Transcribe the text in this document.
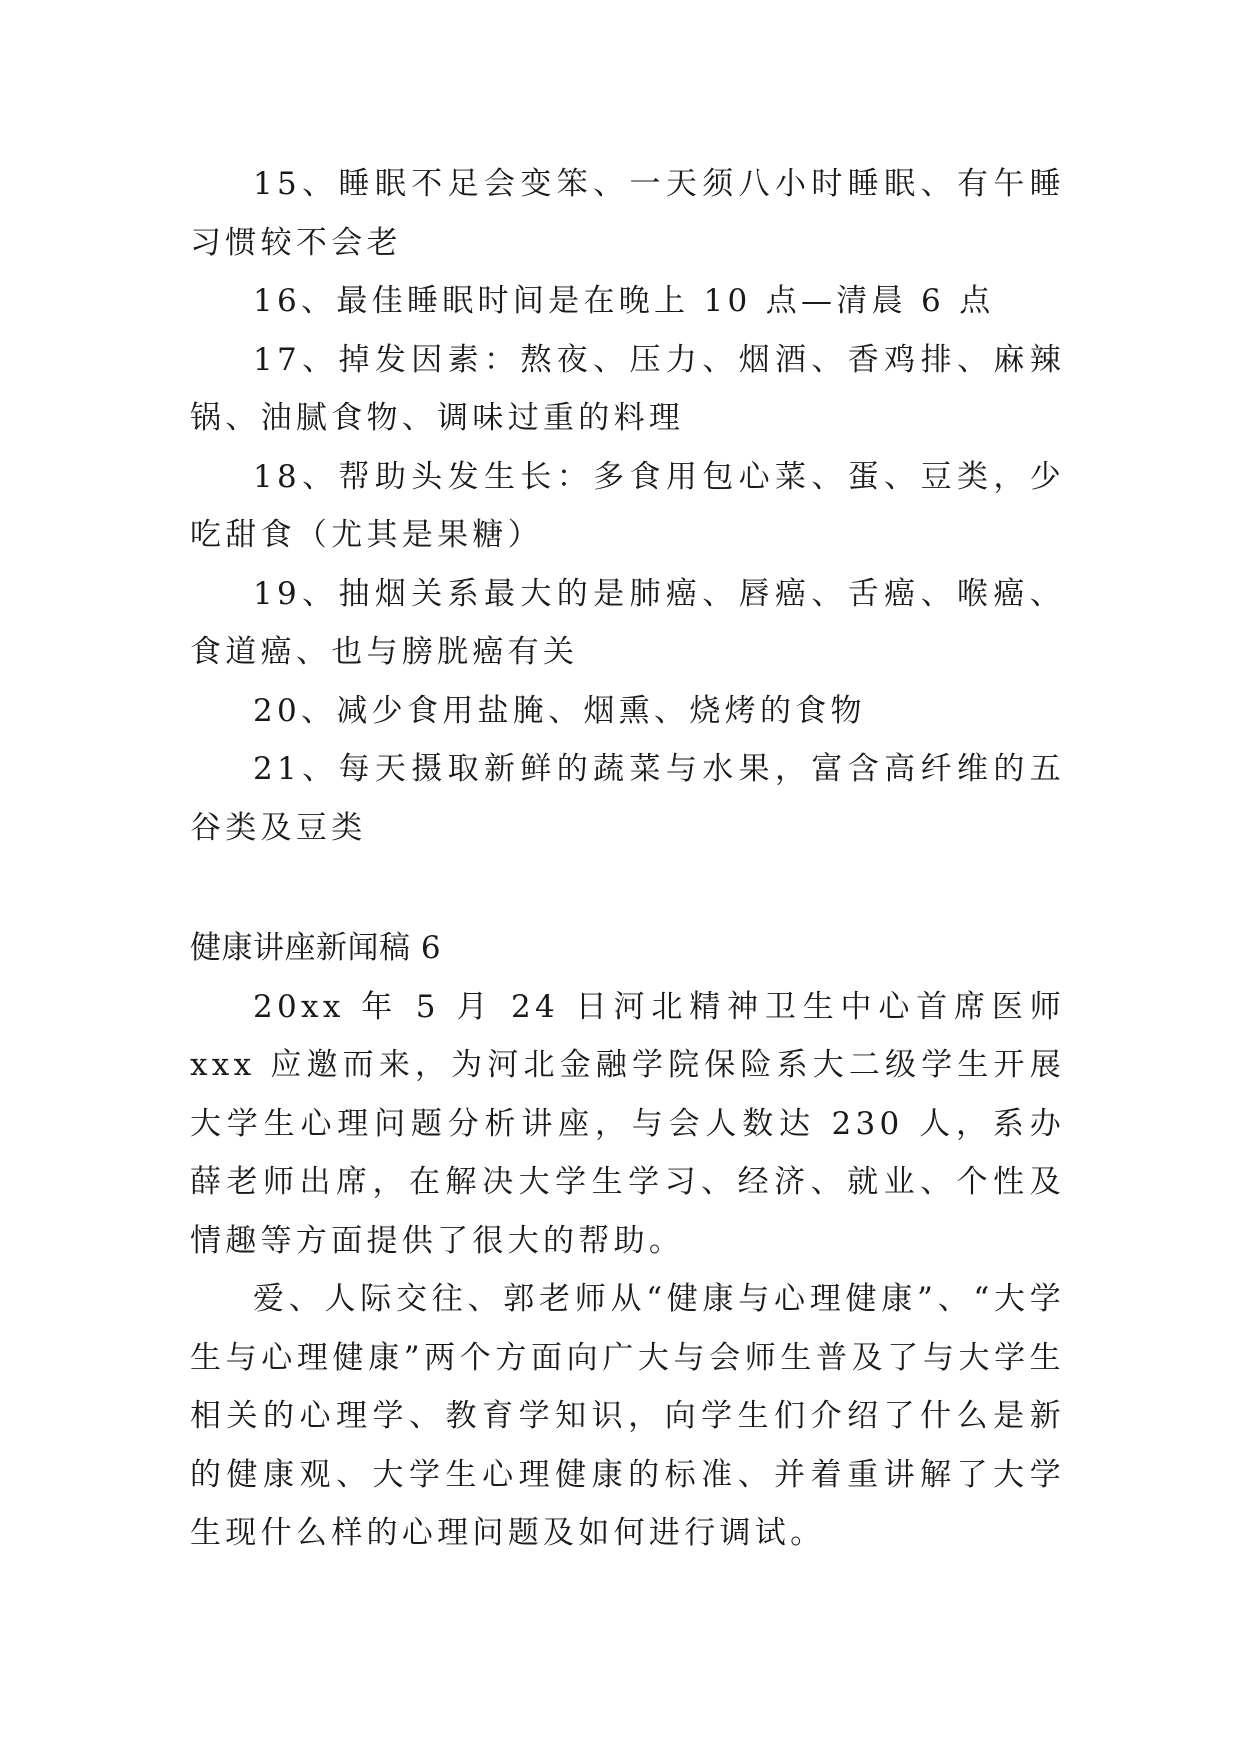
15、睡眠不足会变笨、一天须八小时睡眠、有午睡习惯较不会老

16、最佳睡眠时间是在晚上 10 点—清晨 6 点

17、掉发因素：熬夜、压力、烟酒、香鸡排、麻辣锅、油腻食物、调味过重的料理

18、帮助头发生长：多食用包心菜、蛋、豆类，少吃甜食（尤其是果糖）

19、抽烟关系最大的是肺癌、唇癌、舌癌、喉癌、食道癌、也与膀胱癌有关

20、减少食用盐腌、烟熏、烧烤的食物

21、每天摄取新鲜的蔬菜与水果，富含高纤维的五谷类及豆类

健康讲座新闻稿 6

20xx 年 5 月 24 日河北精神卫生中心首席医师 xxx 应邀而来，为河北金融学院保险系大二级学生开展大学生心理问题分析讲座，与会人数达 230 人，系办薛老师出席，在解决大学生学习、经济、就业、个性及情趣等方面提供了很大的帮助。

爱、人际交往、郭老师从“健康与心理健康”、“大学生与心理健康”两个方面向广大与会师生普及了与大学生相关的心理学、教育学知识，向学生们介绍了什么是新的健康观、大学生心理健康的标准、并着重讲解了大学生现什么样的心理问题及如何进行调试。
